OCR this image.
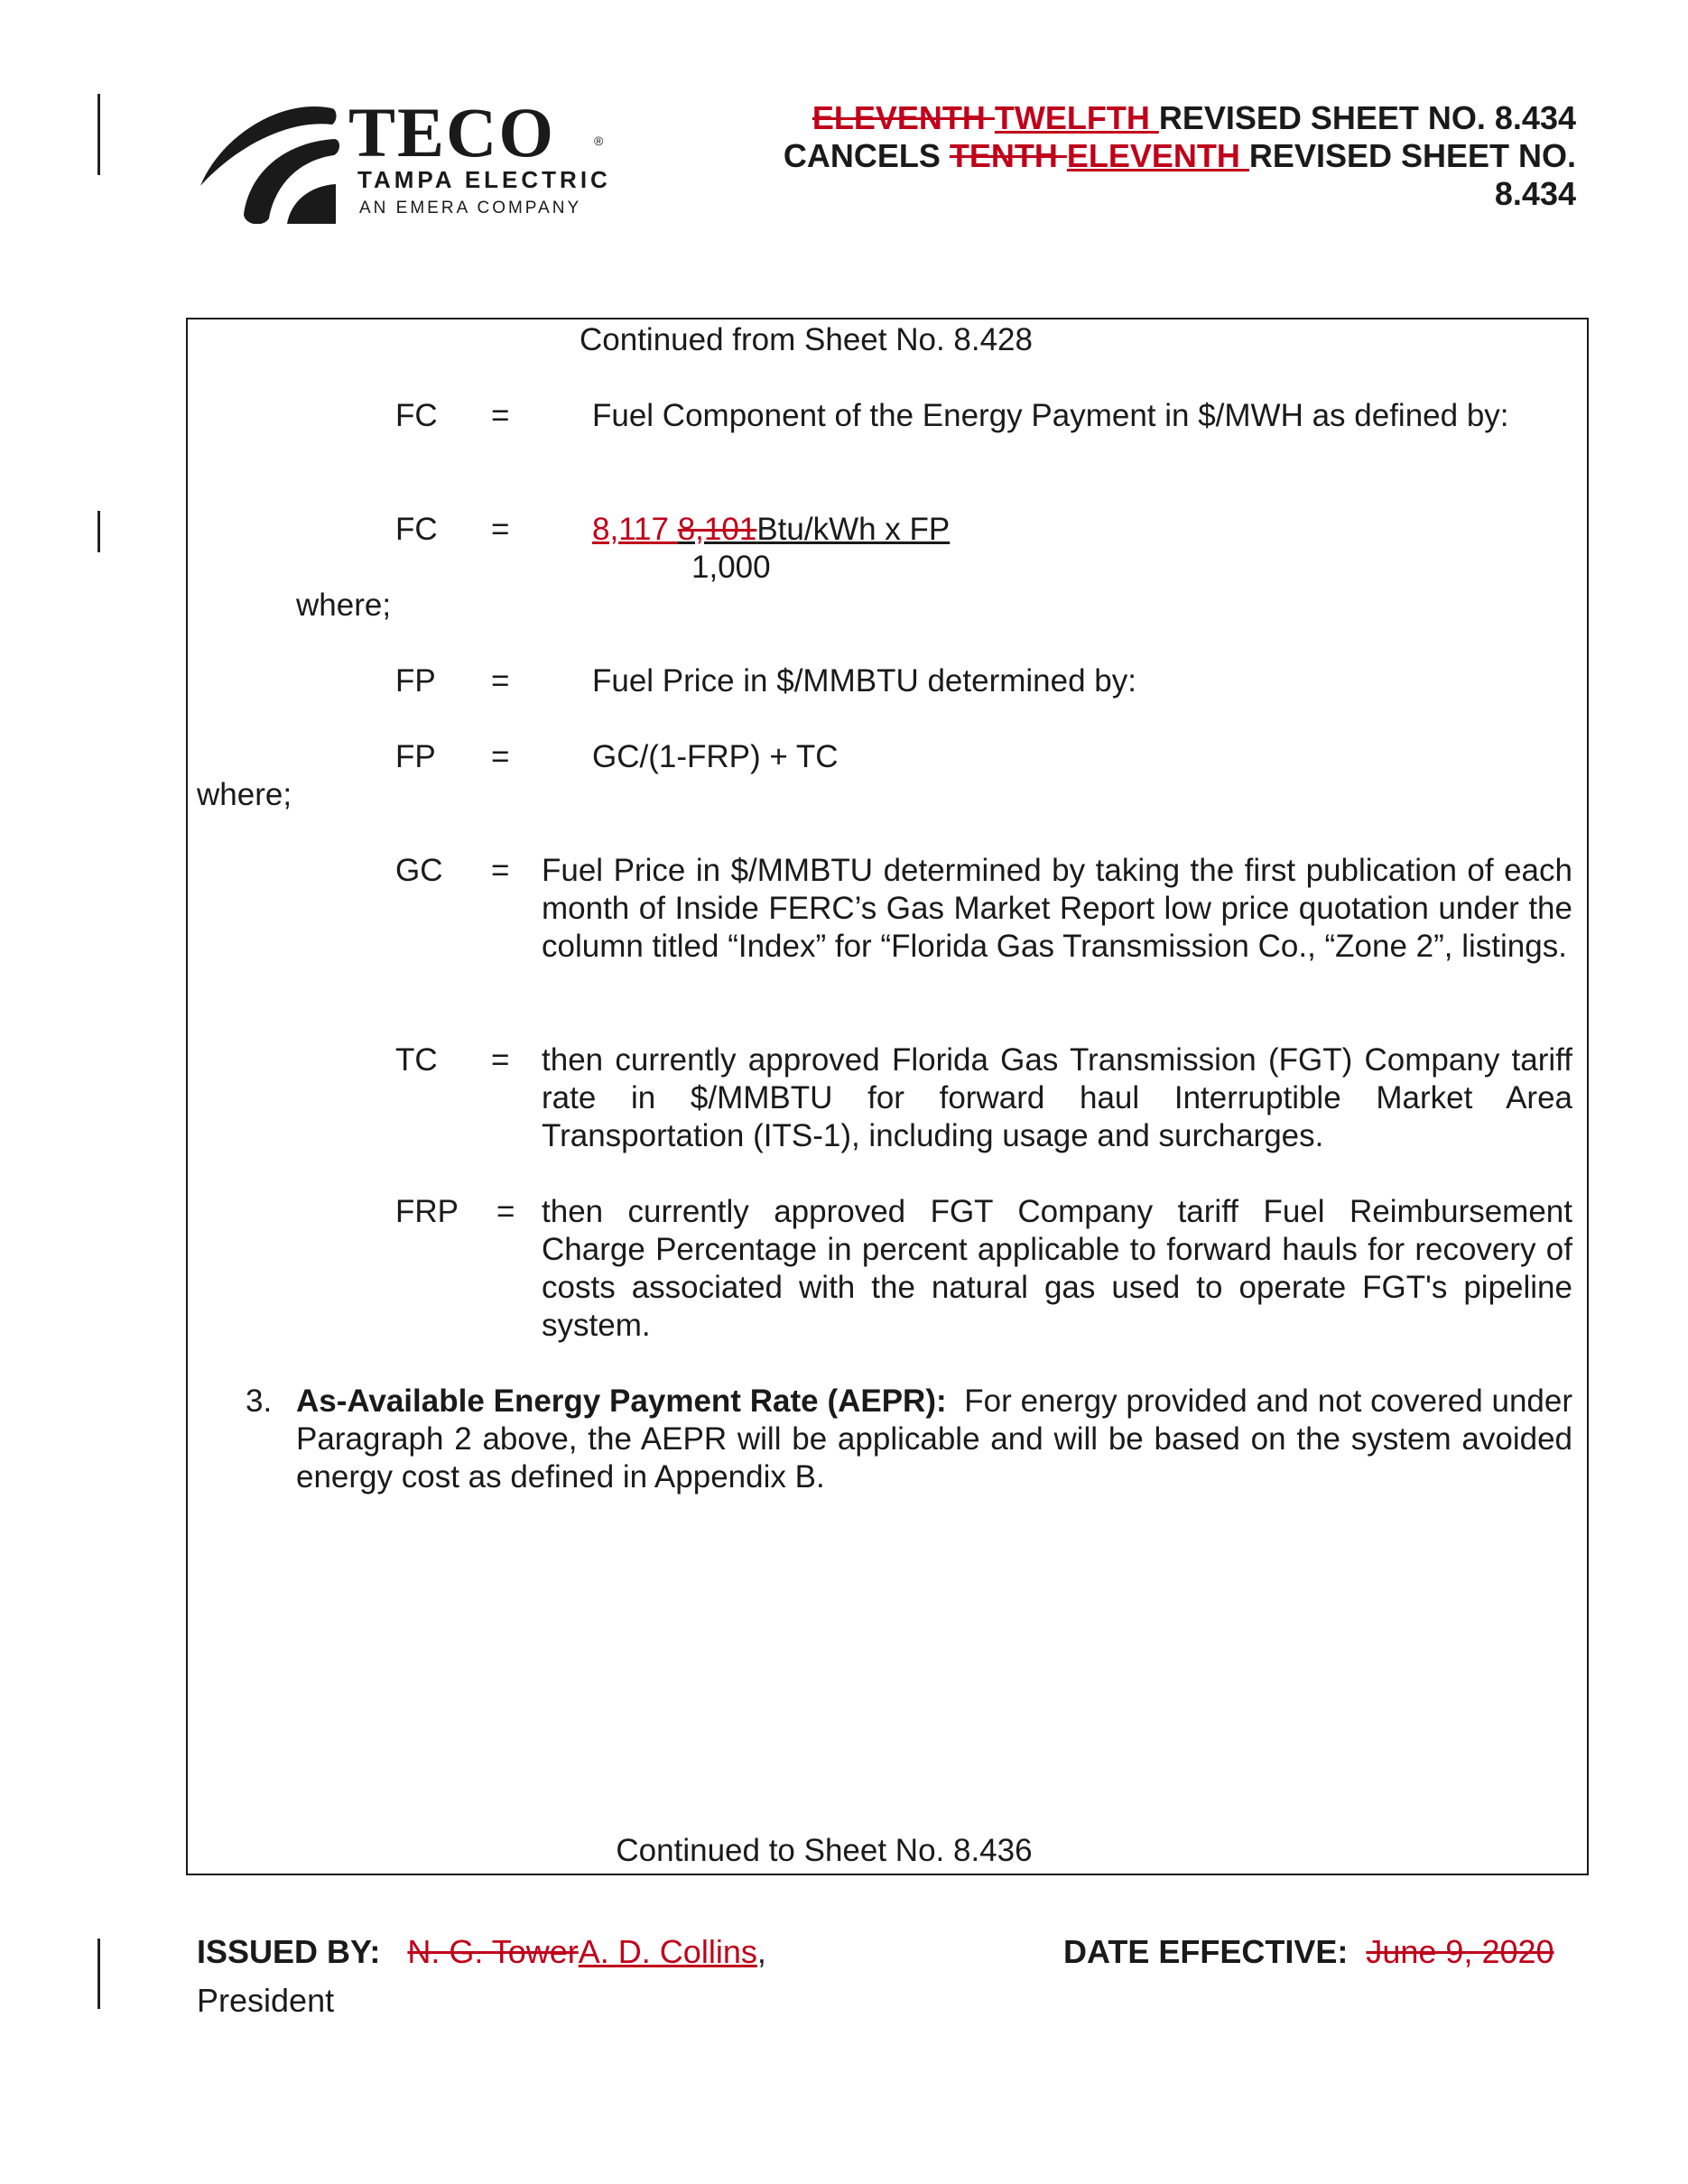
TECO	®
TAMPA ELECTRIC
AN EMERA COMPANY
ELEVENTH TWELFTH REVISED SHEET NO. 8.434
CANCELS TENTH ELEVENTH REVISED SHEET NO.
8.434
Continued from Sheet No. 8.428
FC =	Fuel Component of the Energy Payment in $/MWH as defined by:
FC =	8,117 8,101Btu/kWh x FP
1,000
where;
FP =	Fuel Price in $/MMBTU determined by:
FP =	GC/(1-FRP) + TC
where;
GC = Fuel Price in $/MMBTU determined by taking the first publication of each month of Inside FERC’s Gas Market Report low price quotation under the column titled “Index” for “Florida Gas Transmission Co., “Zone 2”, listings.
TC = then currently approved Florida Gas Transmission (FGT) Company tariff rate in $/MMBTU for forward haul Interruptible Market Area Transportation (ITS-1), including usage and surcharges.
FRP = then currently approved FGT Company tariff Fuel Reimbursement Charge Percentage in percent applicable to forward hauls for recovery of costs associated with the natural gas used to operate FGT's pipeline system.
3. As-Available Energy Payment Rate (AEPR): For energy provided and not covered under Paragraph 2 above, the AEPR will be applicable and will be based on the system avoided energy cost as defined in Appendix B.
Continued to Sheet No. 8.436
ISSUED BY: N. G. TowerA. D. Collins,
President
DATE EFFECTIVE: June 9, 2020
